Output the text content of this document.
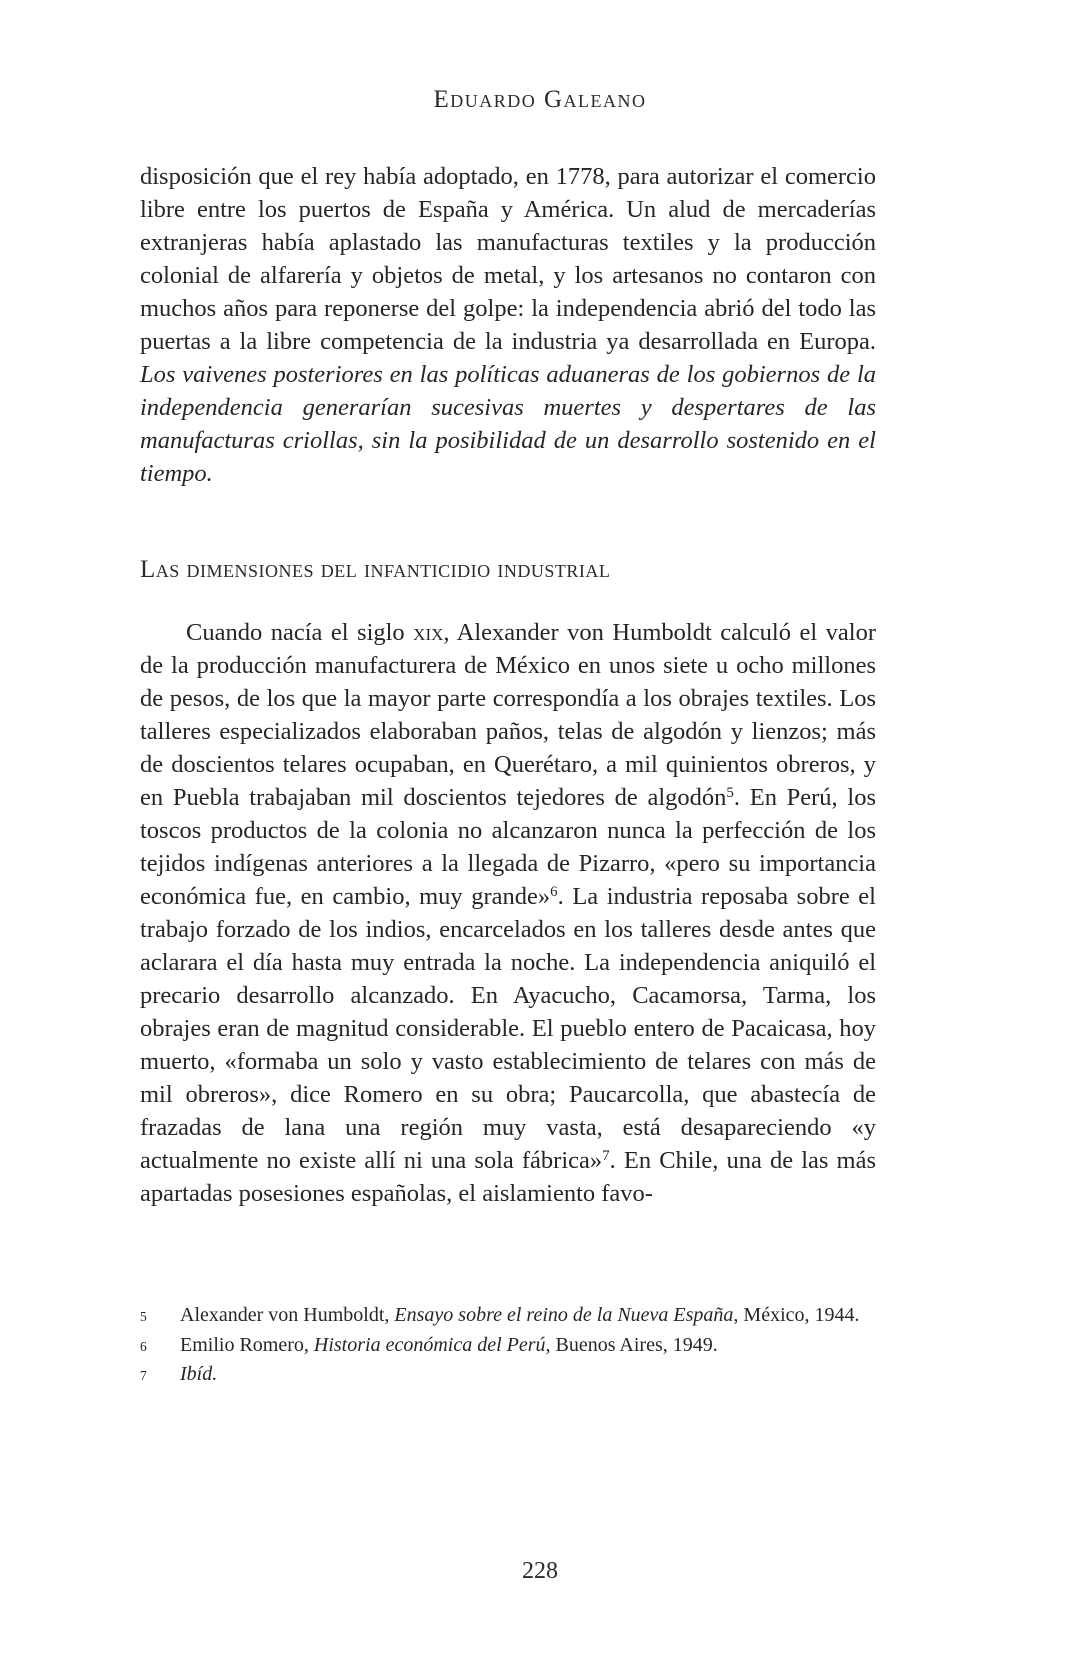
Eduardo Galeano

disposición que el rey había adoptado, en 1778, para autorizar el comercio libre entre los puertos de España y América. Un alud de mercaderías extranjeras había aplastado las manufacturas textiles y la producción colonial de alfarería y objetos de metal, y los artesanos no contaron con muchos años para reponerse del golpe: la independencia abrió del todo las puertas a la libre competencia de la industria ya desarrollada en Europa. Los vaivenes posteriores en las políticas aduaneras de los gobiernos de la independencia generarían sucesivas muertes y despertares de las manufacturas criollas, sin la posibilidad de un desarrollo sostenido en el tiempo.

Las dimensiones del infanticidio industrial

Cuando nacía el siglo xix, Alexander von Humboldt calculó el valor de la producción manufacturera de México en unos siete u ocho millones de pesos, de los que la mayor parte correspondía a los obrajes textiles. Los talleres especializados elaboraban paños, telas de algodón y lienzos; más de doscientos telares ocupaban, en Querétaro, a mil quinientos obreros, y en Puebla trabajaban mil doscientos tejedores de algodón$^5$. En Perú, los toscos productos de la colonia no alcanzaron nunca la perfección de los tejidos indígenas anteriores a la llegada de Pizarro, «pero su importancia económica fue, en cambio, muy grande»$^6$. La industria reposaba sobre el trabajo forzado de los indios, encarcelados en los talleres desde antes que aclarara el día hasta muy entrada la noche. La independencia aniquiló el precario desarrollo alcanzado. En Ayacucho, Cacamorsa, Tarma, los obrajes eran de magnitud considerable. El pueblo entero de Pacaicasa, hoy muerto, «formaba un solo y vasto establecimiento de telares con más de mil obreros», dice Romero en su obra; Paucarcolla, que abastecía de frazadas de lana una región muy vasta, está desapareciendo «y actualmente no existe allí ni una sola fábrica»$^7$. En Chile, una de las más apartadas posesiones españolas, el aislamiento favo-

5	Alexander von Humboldt, Ensayo sobre el reino de la Nueva España, México, 1944.
6	Emilio Romero, Historia económica del Perú, Buenos Aires, 1949.
7	Ibíd.
228
